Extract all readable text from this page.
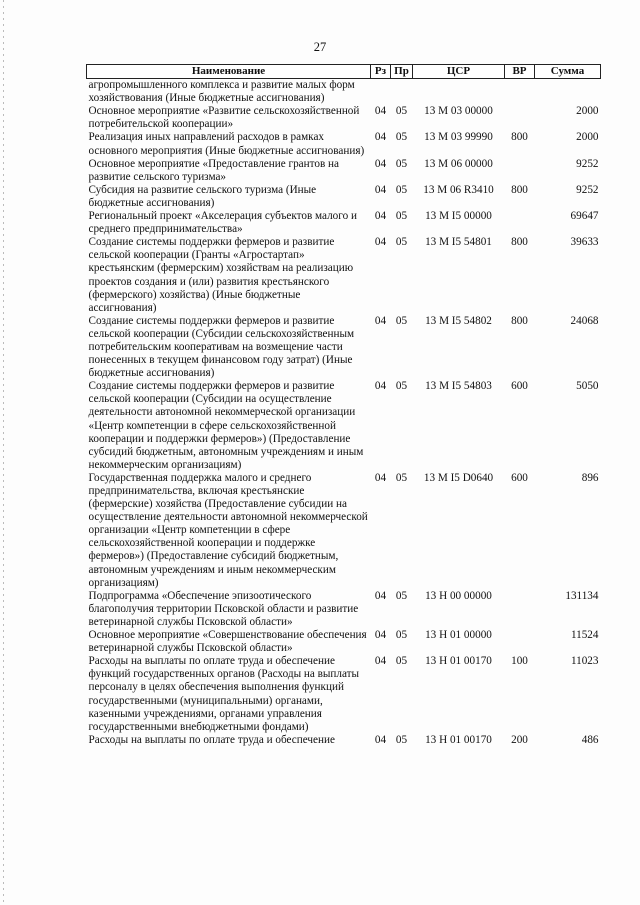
27
Наименование	Рз	Пр	ЦСР	ВР	Сумма
агропромышленного комплекса и развитие малых форм хозяйствования (Иные бюджетные ассигнования)					
Основное мероприятие «Развитие сельскохозяйственной потребительской кооперации»	04	05	13 M 03 00000		2000
Реализация иных направлений расходов в рамках основного мероприятия (Иные бюджетные ассигнования)	04	05	13 M 03 99990	800	2000
Основное мероприятие «Предоставление грантов на развитие сельского туризма»	04	05	13 M 06 00000		9252
Субсидия на развитие сельского туризма (Иные бюджетные ассигнования)	04	05	13 M 06 R3410	800	9252
Региональный проект «Акселерация субъектов малого и среднего предпринимательства»	04	05	13 M I5 00000		69647
Создание системы поддержки фермеров и развитие сельской кооперации (Гранты «Агростартап» крестьянским (фермерским) хозяйствам на реализацию проектов создания и (или) развития крестьянского (фермерского) хозяйства) (Иные бюджетные ассигнования)	04	05	13 M I5 54801	800	39633
Создание системы поддержки фермеров и развитие сельской кооперации (Субсидии сельскохозяйственным потребительским кооперативам на возмещение части понесенных в текущем финансовом году затрат) (Иные бюджетные ассигнования)	04	05	13 M I5 54802	800	24068
Создание системы поддержки фермеров и развитие сельской кооперации (Субсидии на осуществление деятельности автономной некоммерческой организации «Центр компетенции в сфере сельскохозяйственной кооперации и поддержки фермеров») (Предоставление субсидий бюджетным, автономным учреждениям и иным некоммерческим организациям)	04	05	13 M I5 54803	600	5050
Государственная поддержка малого и среднего предпринимательства, включая крестьянские (фермерские) хозяйства (Предоставление субсидии на осуществление деятельности автономной некоммерческой организации «Центр компетенции в сфере сельскохозяйственной кооперации и поддержке фермеров») (Предоставление субсидий бюджетным, автономным учреждениям и иным некоммерческим организациям)	04	05	13 M I5 D0640	600	896
Подпрограмма «Обеспечение эпизоотического благополучия территории Псковской области и развитие ветеринарной службы Псковской области»	04	05	13 Н 00 00000		131134
Основное мероприятие «Совершенствование обеспечения ветеринарной службы Псковской области»	04	05	13 Н 01 00000		11524
Расходы на выплаты по оплате труда и обеспечение функций государственных органов (Расходы на выплаты персоналу в целях обеспечения выполнения функций государственными (муниципальными) органами, казенными учреждениями, органами управления государственными внебюджетными фондами)	04	05	13 Н 01 00170	100	11023
Расходы на выплаты по оплате труда и обеспечение	04	05	13 Н 01 00170	200	486
